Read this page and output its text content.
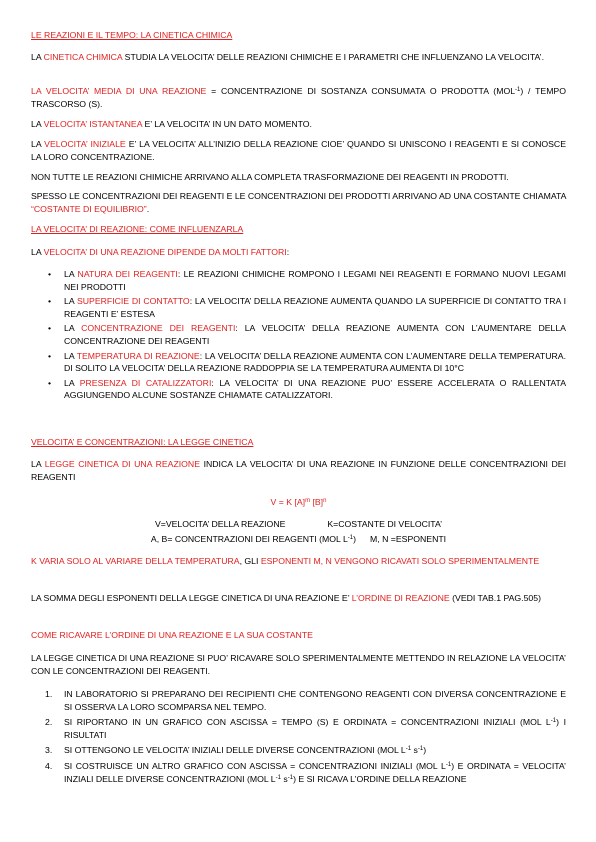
LE REAZIONI E IL TEMPO: LA CINETICA CHIMICA

LA CINETICA CHIMICA STUDIA LA VELOCITA’ DELLE REAZIONI CHIMICHE E I PARAMETRI CHE INFLUENZANO LA VELOCITA’.

LA VELOCITA’ MEDIA DI UNA REAZIONE = CONCENTRAZIONE DI SOSTANZA CONSUMATA O PRODOTTA $(MOL^{-1})$ / TEMPO TRASCORSO (S).

LA VELOCITA’ ISTANTANEA E’ LA VELOCITA’ IN UN DATO MOMENTO.

LA VELOCITA’ INIZIALE E’ LA VELOCITA’ ALL’INIZIO DELLA REAZIONE CIOE’ QUANDO SI UNISCONO I REAGENTI E SI CONOSCE LA LORO CONCENTRAZIONE.

NON TUTTE LE REAZIONI CHIMICHE ARRIVANO ALLA COMPLETA TRASFORMAZIONE DEI REAGENTI IN PRODOTTI.

SPESSO LE CONCENTRAZIONI DEI REAGENTI E LE CONCENTRAZIONI DEI PRODOTTI ARRIVANO AD UNA COSTANTE CHIAMATA “COSTANTE DI EQUILIBRIO”.

LA VELOCITA’ DI REAZIONE: COME INFLUENZARLA

LA VELOCITA’ DI UNA REAZIONE DIPENDE DA MOLTI FATTORI:

• LA NATURA DEI REAGENTI: LE REAZIONI CHIMICHE ROMPONO I LEGAMI NEI REAGENTI E FORMANO NUOVI LEGAMI NEI PRODOTTI
• LA SUPERFICIE DI CONTATTO: LA VELOCITA’ DELLA REAZIONE AUMENTA QUANDO LA SUPERFICIE DI CONTATTO TRA I REAGENTI E’ ESTESA
• LA CONCENTRAZIONE DEI REAGENTI: LA VELOCITA’ DELLA REAZIONE AUMENTA CON L’AUMENTARE DELLA CONCENTRAZIONE DEI REAGENTI
• LA TEMPERATURA DI REAZIONE: LA VELOCITA’ DELLA REAZIONE AUMENTA CON L’AUMENTARE DELLA TEMPERATURA. DI SOLITO LA VELOCITA’ DELLA REAZIONE RADDOPPIA SE LA TEMPERATURA AUMENTA DI 10°C
• LA PRESENZA DI CATALIZZATORI: LA VELOCITA’ DI UNA REAZIONE PUO’ ESSERE ACCELERATA O RALLENTATA AGGIUNGENDO ALCUNE SOSTANZE CHIAMATE CATALIZZATORI.

VELOCITA’ E CONCENTRAZIONI: LA LEGGE CINETICA

LA LEGGE CINETICA DI UNA REAZIONE INDICA LA VELOCITA’ DI UNA REAZIONE IN FUNZIONE DELLE CONCENTRAZIONI DEI REAGENTI

V = K $[A]^m$ $[B]^n$

V=VELOCITA’ DELLA REAZIONE	K=COSTANTE DI VELOCITA’

A, B= CONCENTRAZIONI DEI REAGENTI (MOL $L^{-1}$) M, N =ESPONENTI

K VARIA SOLO AL VARIARE DELLA TEMPERATURA, GLI ESPONENTI M, N VENGONO RICAVATI SOLO SPERIMENTALMENTE

LA SOMMA DEGLI ESPONENTI DELLA LEGGE CINETICA DI UNA REAZIONE E’ L’ORDINE DI REAZIONE (VEDI TAB.1 PAG.505)

COME RICAVARE L’ORDINE DI UNA REAZIONE E LA SUA COSTANTE

LA LEGGE CINETICA DI UNA REAZIONE SI PUO’ RICAVARE SOLO SPERIMENTALMENTE METTENDO IN RELAZIONE LA VELOCITA’ CON LE CONCENTRAZIONI DEI REAGENTI.

1. IN LABORATORIO SI PREPARANO DEI RECIPIENTI CHE CONTENGONO REAGENTI CON DIVERSA CONCENTRAZIONE E SI OSSERVA LA LORO SCOMPARSA NEL TEMPO.
2. SI RIPORTANO IN UN GRAFICO CON ASCISSA = TEMPO (S) E ORDINATA = CONCENTRAZIONI INIZIALI (MOL $L^{-1}$) I RISULTATI
3. SI OTTENGONO LE VELOCITA’ INIZIALI DELLE DIVERSE CONCENTRAZIONI (MOL $L^{-1}$ $s^{-1}$)
4. SI COSTRUISCE UN ALTRO GRAFICO CON ASCISSA = CONCENTRAZIONI INIZIALI (MOL $L^{-1}$) E ORDINATA = VELOCITA’ INZIALI DELLE DIVERSE CONCENTRAZIONI (MOL $L^{-1}$ $s^{-1}$) E SI RICAVA L’ORDINE DELLA REAZIONE
